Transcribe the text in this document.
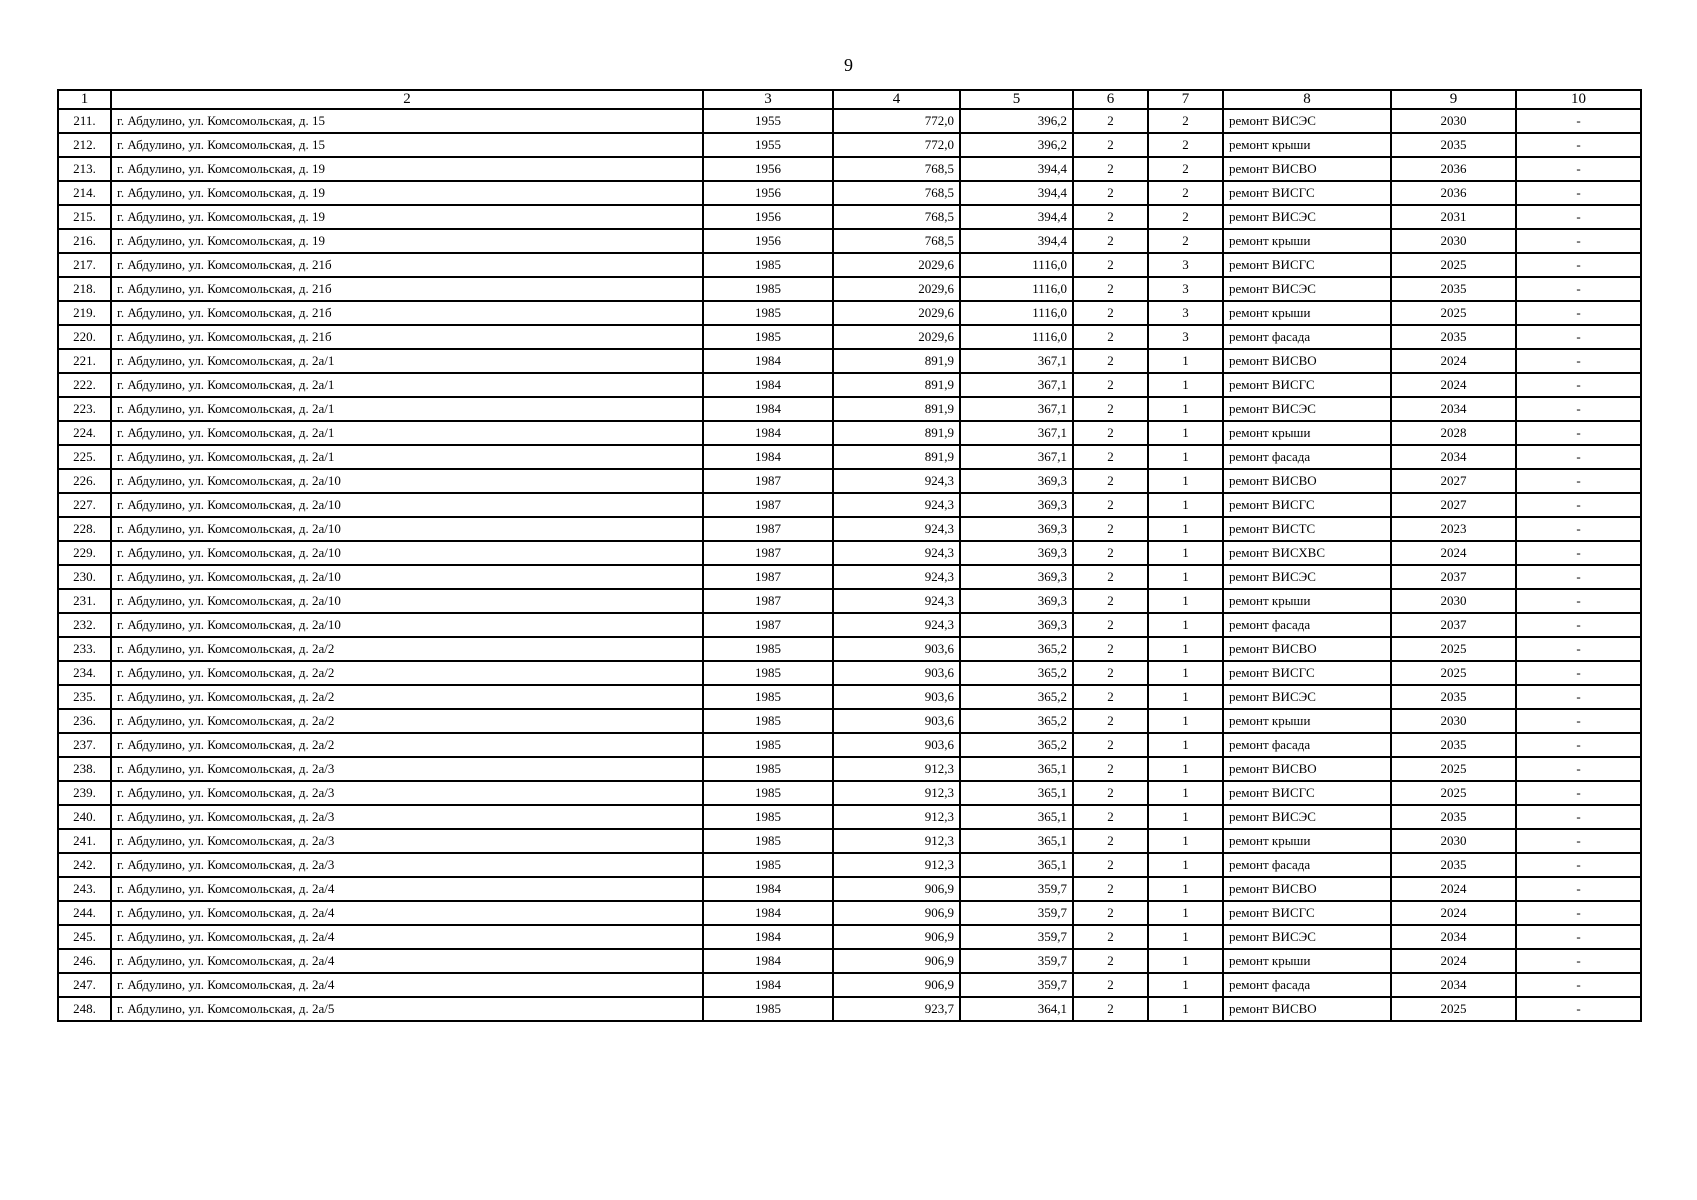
9
1	2	3	4	5	6	7	8	9	10
211.	г. Абдулино, ул. Комсомольская, д. 15	1955	772,0	396,2	2	2	ремонт ВИСЭС	2030	-
212.	г. Абдулино, ул. Комсомольская, д. 15	1955	772,0	396,2	2	2	ремонт крыши	2035	-
213.	г. Абдулино, ул. Комсомольская, д. 19	1956	768,5	394,4	2	2	ремонт ВИСВО	2036	-
214.	г. Абдулино, ул. Комсомольская, д. 19	1956	768,5	394,4	2	2	ремонт ВИСГС	2036	-
215.	г. Абдулино, ул. Комсомольская, д. 19	1956	768,5	394,4	2	2	ремонт ВИСЭС	2031	-
216.	г. Абдулино, ул. Комсомольская, д. 19	1956	768,5	394,4	2	2	ремонт крыши	2030	-
217.	г. Абдулино, ул. Комсомольская, д. 21б	1985	2029,6	1116,0	2	3	ремонт ВИСГС	2025	-
218.	г. Абдулино, ул. Комсомольская, д. 21б	1985	2029,6	1116,0	2	3	ремонт ВИСЭС	2035	-
219.	г. Абдулино, ул. Комсомольская, д. 21б	1985	2029,6	1116,0	2	3	ремонт крыши	2025	-
220.	г. Абдулино, ул. Комсомольская, д. 21б	1985	2029,6	1116,0	2	3	ремонт фасада	2035	-
221.	г. Абдулино, ул. Комсомольская, д. 2а/1	1984	891,9	367,1	2	1	ремонт ВИСВО	2024	-
222.	г. Абдулино, ул. Комсомольская, д. 2а/1	1984	891,9	367,1	2	1	ремонт ВИСГС	2024	-
223.	г. Абдулино, ул. Комсомольская, д. 2а/1	1984	891,9	367,1	2	1	ремонт ВИСЭС	2034	-
224.	г. Абдулино, ул. Комсомольская, д. 2а/1	1984	891,9	367,1	2	1	ремонт крыши	2028	-
225.	г. Абдулино, ул. Комсомольская, д. 2а/1	1984	891,9	367,1	2	1	ремонт фасада	2034	-
226.	г. Абдулино, ул. Комсомольская, д. 2а/10	1987	924,3	369,3	2	1	ремонт ВИСВО	2027	-
227.	г. Абдулино, ул. Комсомольская, д. 2а/10	1987	924,3	369,3	2	1	ремонт ВИСГС	2027	-
228.	г. Абдулино, ул. Комсомольская, д. 2а/10	1987	924,3	369,3	2	1	ремонт ВИСТС	2023	-
229.	г. Абдулино, ул. Комсомольская, д. 2а/10	1987	924,3	369,3	2	1	ремонт ВИСХВС	2024	-
230.	г. Абдулино, ул. Комсомольская, д. 2а/10	1987	924,3	369,3	2	1	ремонт ВИСЭС	2037	-
231.	г. Абдулино, ул. Комсомольская, д. 2а/10	1987	924,3	369,3	2	1	ремонт крыши	2030	-
232.	г. Абдулино, ул. Комсомольская, д. 2а/10	1987	924,3	369,3	2	1	ремонт фасада	2037	-
233.	г. Абдулино, ул. Комсомольская, д. 2а/2	1985	903,6	365,2	2	1	ремонт ВИСВО	2025	-
234.	г. Абдулино, ул. Комсомольская, д. 2а/2	1985	903,6	365,2	2	1	ремонт ВИСГС	2025	-
235.	г. Абдулино, ул. Комсомольская, д. 2а/2	1985	903,6	365,2	2	1	ремонт ВИСЭС	2035	-
236.	г. Абдулино, ул. Комсомольская, д. 2а/2	1985	903,6	365,2	2	1	ремонт крыши	2030	-
237.	г. Абдулино, ул. Комсомольская, д. 2а/2	1985	903,6	365,2	2	1	ремонт фасада	2035	-
238.	г. Абдулино, ул. Комсомольская, д. 2а/3	1985	912,3	365,1	2	1	ремонт ВИСВО	2025	-
239.	г. Абдулино, ул. Комсомольская, д. 2а/3	1985	912,3	365,1	2	1	ремонт ВИСГС	2025	-
240.	г. Абдулино, ул. Комсомольская, д. 2а/3	1985	912,3	365,1	2	1	ремонт ВИСЭС	2035	-
241.	г. Абдулино, ул. Комсомольская, д. 2а/3	1985	912,3	365,1	2	1	ремонт крыши	2030	-
242.	г. Абдулино, ул. Комсомольская, д. 2а/3	1985	912,3	365,1	2	1	ремонт фасада	2035	-
243.	г. Абдулино, ул. Комсомольская, д. 2а/4	1984	906,9	359,7	2	1	ремонт ВИСВО	2024	-
244.	г. Абдулино, ул. Комсомольская, д. 2а/4	1984	906,9	359,7	2	1	ремонт ВИСГС	2024	-
245.	г. Абдулино, ул. Комсомольская, д. 2а/4	1984	906,9	359,7	2	1	ремонт ВИСЭС	2034	-
246.	г. Абдулино, ул. Комсомольская, д. 2а/4	1984	906,9	359,7	2	1	ремонт крыши	2024	-
247.	г. Абдулино, ул. Комсомольская, д. 2а/4	1984	906,9	359,7	2	1	ремонт фасада	2034	-
248.	г. Абдулино, ул. Комсомольская, д. 2а/5	1985	923,7	364,1	2	1	ремонт ВИСВО	2025	-
